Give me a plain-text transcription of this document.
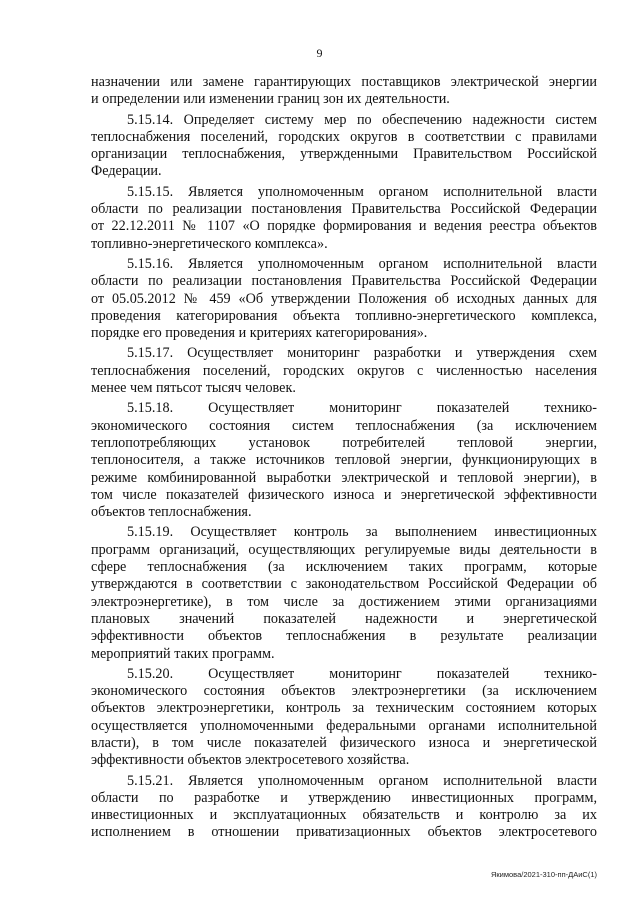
9
назначении или замене гарантирующих поставщиков электрической энергии
и определении или изменении границ зон их деятельности.
5.15.14. Определяет систему мер по обеспечению надежности систем
теплоснабжения поселений, городских округов в соответствии с правилами
организации теплоснабжения, утвержденными Правительством Российской
Федерации.
5.15.15. Является уполномоченным органом исполнительной власти
области по реализации постановления Правительства Российской Федерации
от 22.12.2011 № 1107 «О порядке формирования и ведения реестра объектов
топливно-энергетического комплекса».
5.15.16. Является уполномоченным органом исполнительной власти
области по реализации постановления Правительства Российской Федерации
от 05.05.2012 № 459 «Об утверждении Положения об исходных данных для
проведения категорирования объекта топливно-энергетического комплекса,
порядке его проведения и критериях категорирования».
5.15.17. Осуществляет мониторинг разработки и утверждения схем
теплоснабжения поселений, городских округов с численностью населения
менее чем пятьсот тысяч человек.
5.15.18. Осуществляет мониторинг показателей технико-
экономического состояния систем теплоснабжения (за исключением
теплопотребляющих установок потребителей тепловой энергии,
теплоносителя, а также источников тепловой энергии, функционирующих в
режиме комбинированной выработки электрической и тепловой энергии), в
том числе показателей физического износа и энергетической эффективности
объектов теплоснабжения.
5.15.19. Осуществляет контроль за выполнением инвестиционных
программ организаций, осуществляющих регулируемые виды деятельности в
сфере теплоснабжения (за исключением таких программ, которые
утверждаются в соответствии с законодательством Российской Федерации об
электроэнергетике), в том числе за достижением этими организациями
плановых значений показателей надежности и энергетической
эффективности объектов теплоснабжения в результате реализации
мероприятий таких программ.
5.15.20. Осуществляет мониторинг показателей технико-
экономического состояния объектов электроэнергетики (за исключением
объектов электроэнергетики, контроль за техническим состоянием которых
осуществляется уполномоченными федеральными органами исполнительной
власти), в том числе показателей физического износа и энергетической
эффективности объектов электросетевого хозяйства.
5.15.21. Является уполномоченным органом исполнительной власти
области по разработке и утверждению инвестиционных программ,
инвестиционных и эксплуатационных обязательств и контролю за их
исполнением в отношении приватизационных объектов электросетевого
Якимова/2021-310-пп-ДАиС(1)
